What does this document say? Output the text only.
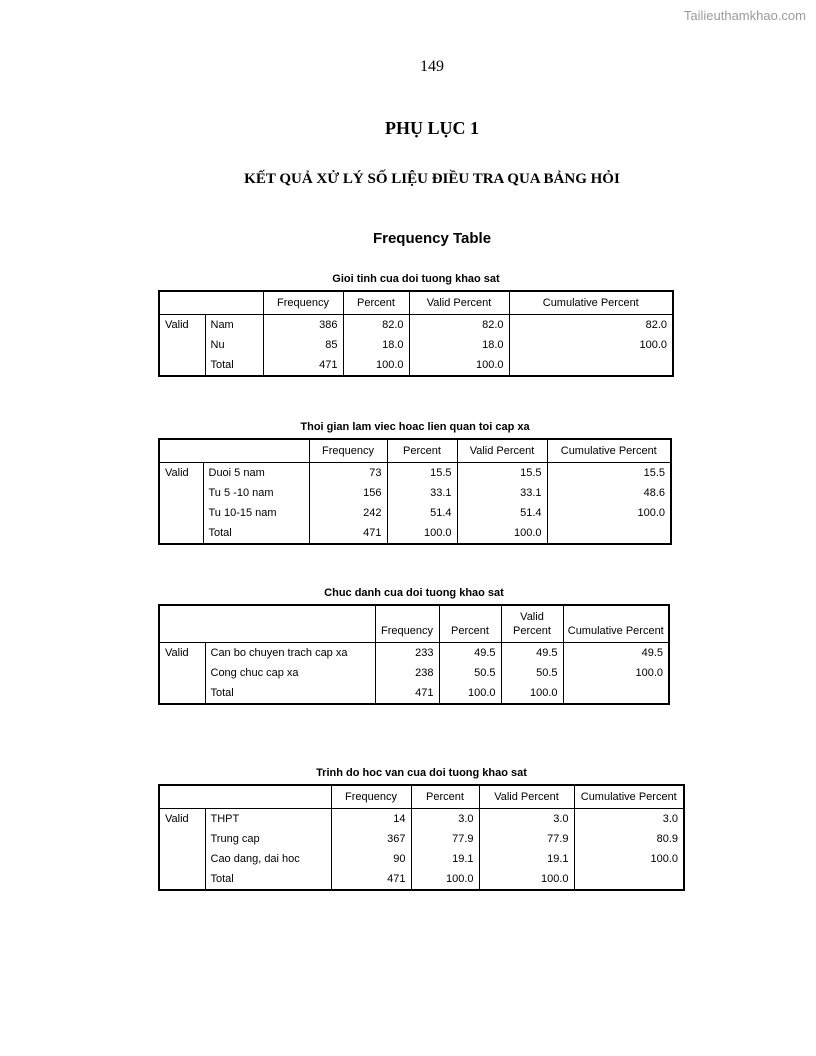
Tailieuthamkhao.com
149
PHỤ LỤC 1
KẾT QUẢ XỬ LÝ SỐ LIỆU ĐIỀU TRA QUA BẢNG HỎI
Frequency Table
Gioi tinh cua doi tuong khao sat
		Frequency	Percent	Valid Percent	Cumulative Percent
Valid	Nam	386	82.0	82.0	82.0
	Nu	85	18.0	18.0	100.0
	Total	471	100.0	100.0	
Thoi gian lam viec hoac lien quan toi cap xa
		Frequency	Percent	Valid Percent	Cumulative Percent
Valid	Duoi 5 nam	73	15.5	15.5	15.5
	Tu 5 -10 nam	156	33.1	33.1	48.6
	Tu 10-15 nam	242	51.4	51.4	100.0
	Total	471	100.0	100.0	
Chuc danh cua doi tuong khao sat
		Frequency	Percent	Valid Percent	Cumulative Percent
Valid	Can bo chuyen trach cap xa	233	49.5	49.5	49.5
	Cong chuc cap xa	238	50.5	50.5	100.0
	Total	471	100.0	100.0	
Trinh do hoc van cua doi tuong khao sat
		Frequency	Percent	Valid Percent	Cumulative Percent
Valid	THPT	14	3.0	3.0	3.0
	Trung cap	367	77.9	77.9	80.9
	Cao dang, dai hoc	90	19.1	19.1	100.0
	Total	471	100.0	100.0	
